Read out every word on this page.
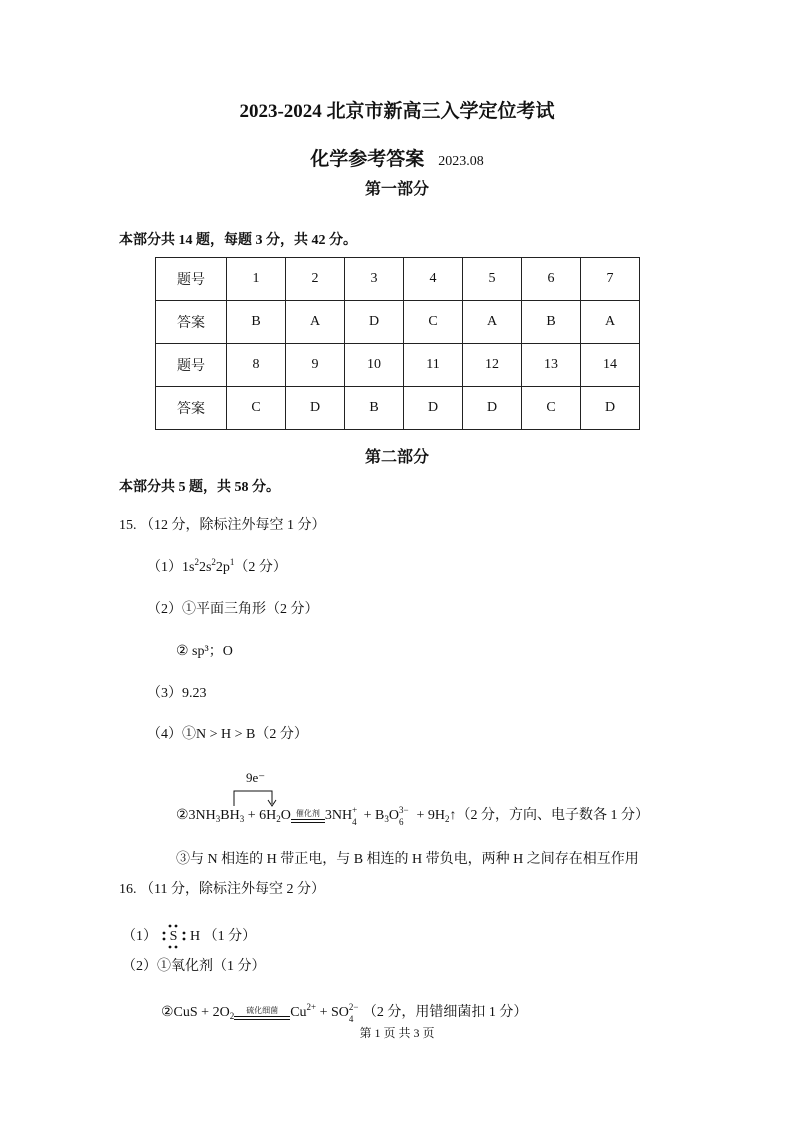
2023-2024 北京市新高三入学定位考试
化学参考答案 2023.08
第一部分
本部分共 14 题，每题 3 分，共 42 分。
题号	1	2	3	4	5	6	7
答案	B	A	D	C	A	B	A
题号	8	9	10	11	12	13	14
答案	C	D	B	D	D	C	D
第二部分
本部分共 5 题，共 58 分。
15. （12 分，除标注外每空 1 分）
$(1)1s^22s^22p^1(2$ 分）
（2）①平面三角形（2 分）
② sp³；O
（3）9.23
（4）①N > H > B（2 分）
9e⁻
$②3NH_3BH_3 + 6H_2O$ 催化剂 3NH +
$4 + B_3O$ 3−
$6 + 9H_2↑(2$ 分，方向、电子数各 1 分）
③与 N 相连的 H 带正电，与 B 相连的 H 带负电，两种 H 之间存在相互作用
16. （11 分，除标注外每空 2 分）
（1） S H （1 分）
（2）①氧化剂（1 分）
②CuS + $2O_2$
硫化细菌 $Cu^{2+}$ + SO 2−
4 （2 分，用错细菌扣 1 分）
第 1 页 共 3 页
